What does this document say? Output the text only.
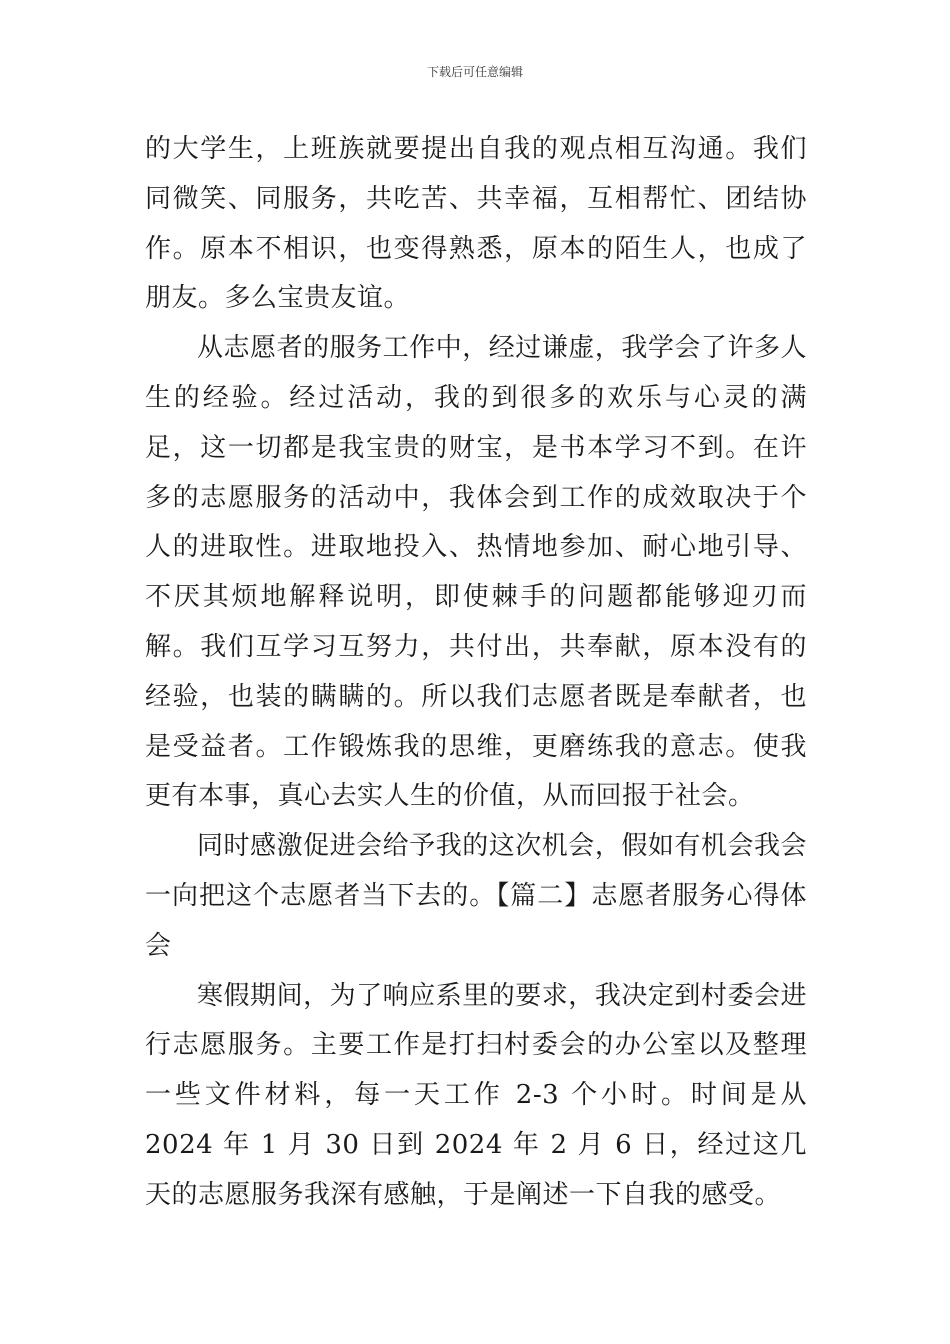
下载后可任意编辑

的大学生，上班族就要提出自我的观点相互沟通。我们同微笑、同服务，共吃苦、共幸福，互相帮忙、团结协作。原本不相识，也变得熟悉，原本的陌生人，也成了朋友。多么宝贵友谊。

从志愿者的服务工作中，经过谦虚，我学会了许多人生的经验。经过活动，我的到很多的欢乐与心灵的满足，这一切都是我宝贵的财宝，是书本学习不到。在许多的志愿服务的活动中，我体会到工作的成效取决于个人的进取性。进取地投入、热情地参加、耐心地引导、不厌其烦地解释说明，即使棘手的问题都能够迎刃而解。我们互学习互努力，共付出，共奉献，原本没有的经验，也装的瞒瞒的。所以我们志愿者既是奉献者，也是受益者。工作锻炼我的思维，更磨练我的意志。使我更有本事，真心去实人生的价值，从而回报于社会。

同时感激促进会给予我的这次机会，假如有机会我会一向把这个志愿者当下去的。【篇二】志愿者服务心得体会

寒假期间，为了响应系里的要求，我决定到村委会进行志愿服务。主要工作是打扫村委会的办公室以及整理一些文件材料，每一天工作 2-3 个小时。时间是从 2024 年 1 月 30 日到 2024 年 2 月 6 日，经过这几天的志愿服务我深有感触，于是阐述一下自我的感受。
